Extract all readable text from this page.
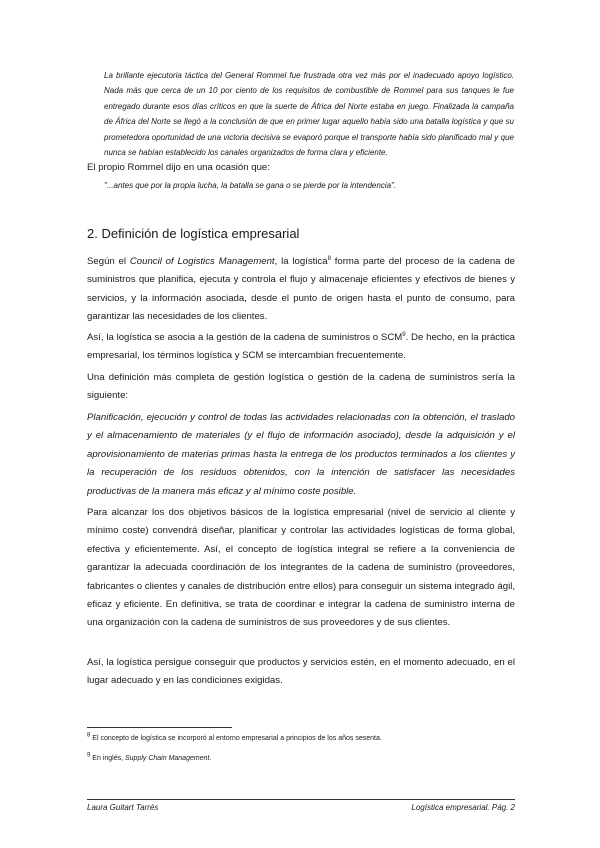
La brillante ejecutoria táctica del General Rommel fue frustrada otra vez más por el inadecuado apoyo logístico. Nada más que cerca de un 10 por ciento de los requisitos de combustible de Rommel para sus tanques le fue entregado durante esos días críticos en que la suerte de África del Norte estaba en juego. Finalizada la campaña de África del Norte se llegó a la conclusión de que en primer lugar aquello había sido una batalla logística y que su prometedora oportunidad de una victoria decisiva se evaporó porque el transporte había sido planificado mal y que nunca se habían establecido los canales organizados de forma clara y eficiente.
El propio Rommel dijo en una ocasión que:
"...antes que por la propia lucha, la batalla se gana o se pierde por la intendencia".
2. Definición de logística empresarial
Según el Council of Logistics Management, la logística$^8$ forma parte del proceso de la cadena de suministros que planifica, ejecuta y controla el flujo y almacenaje eficientes y efectivos de bienes y servicios, y la información asociada, desde el punto de origen hasta el punto de consumo, para garantizar las necesidades de los clientes.
Así, la logística se asocia a la gestión de la cadena de suministros o SCM$^9$. De hecho, en la práctica empresarial, los términos logística y SCM se intercambian frecuentemente.
Una definición más completa de gestión logística o gestión de la cadena de suministros sería la siguiente:
Planificación, ejecución y control de todas las actividades relacionadas con la obtención, el traslado y el almacenamiento de materiales (y el flujo de información asociado), desde la adquisición y el aprovisionamiento de materias primas hasta la entrega de los productos terminados a los clientes y la recuperación de los residuos obtenidos, con la intención de satisfacer las necesidades productivas de la manera más eficaz y al mínimo coste posible.
Para alcanzar los dos objetivos básicos de la logística empresarial (nivel de servicio al cliente y mínimo coste) convendrá diseñar, planificar y controlar las actividades logísticas de forma global, efectiva y eficientemente. Así, el concepto de logística integral se refiere a la conveniencia de garantizar la adecuada coordinación de los integrantes de la cadena de suministro (proveedores, fabricantes o clientes y canales de distribución entre ellos) para conseguir un sistema integrado ágil, eficaz y eficiente. En definitiva, se trata de coordinar e integrar la cadena de suministro interna de una organización con la cadena de suministros de sus proveedores y de sus clientes.
Así, la logística persigue conseguir que productos y servicios estén, en el momento adecuado, en el lugar adecuado y en las condiciones exigidas.
$^8$ El concepto de logística se incorporó al entorno empresarial a principios de los años sesenta.
$^9$ En inglés, Supply Chain Management.
Laura Guitart Tarrés	Logística empresarial. Pág. 2
